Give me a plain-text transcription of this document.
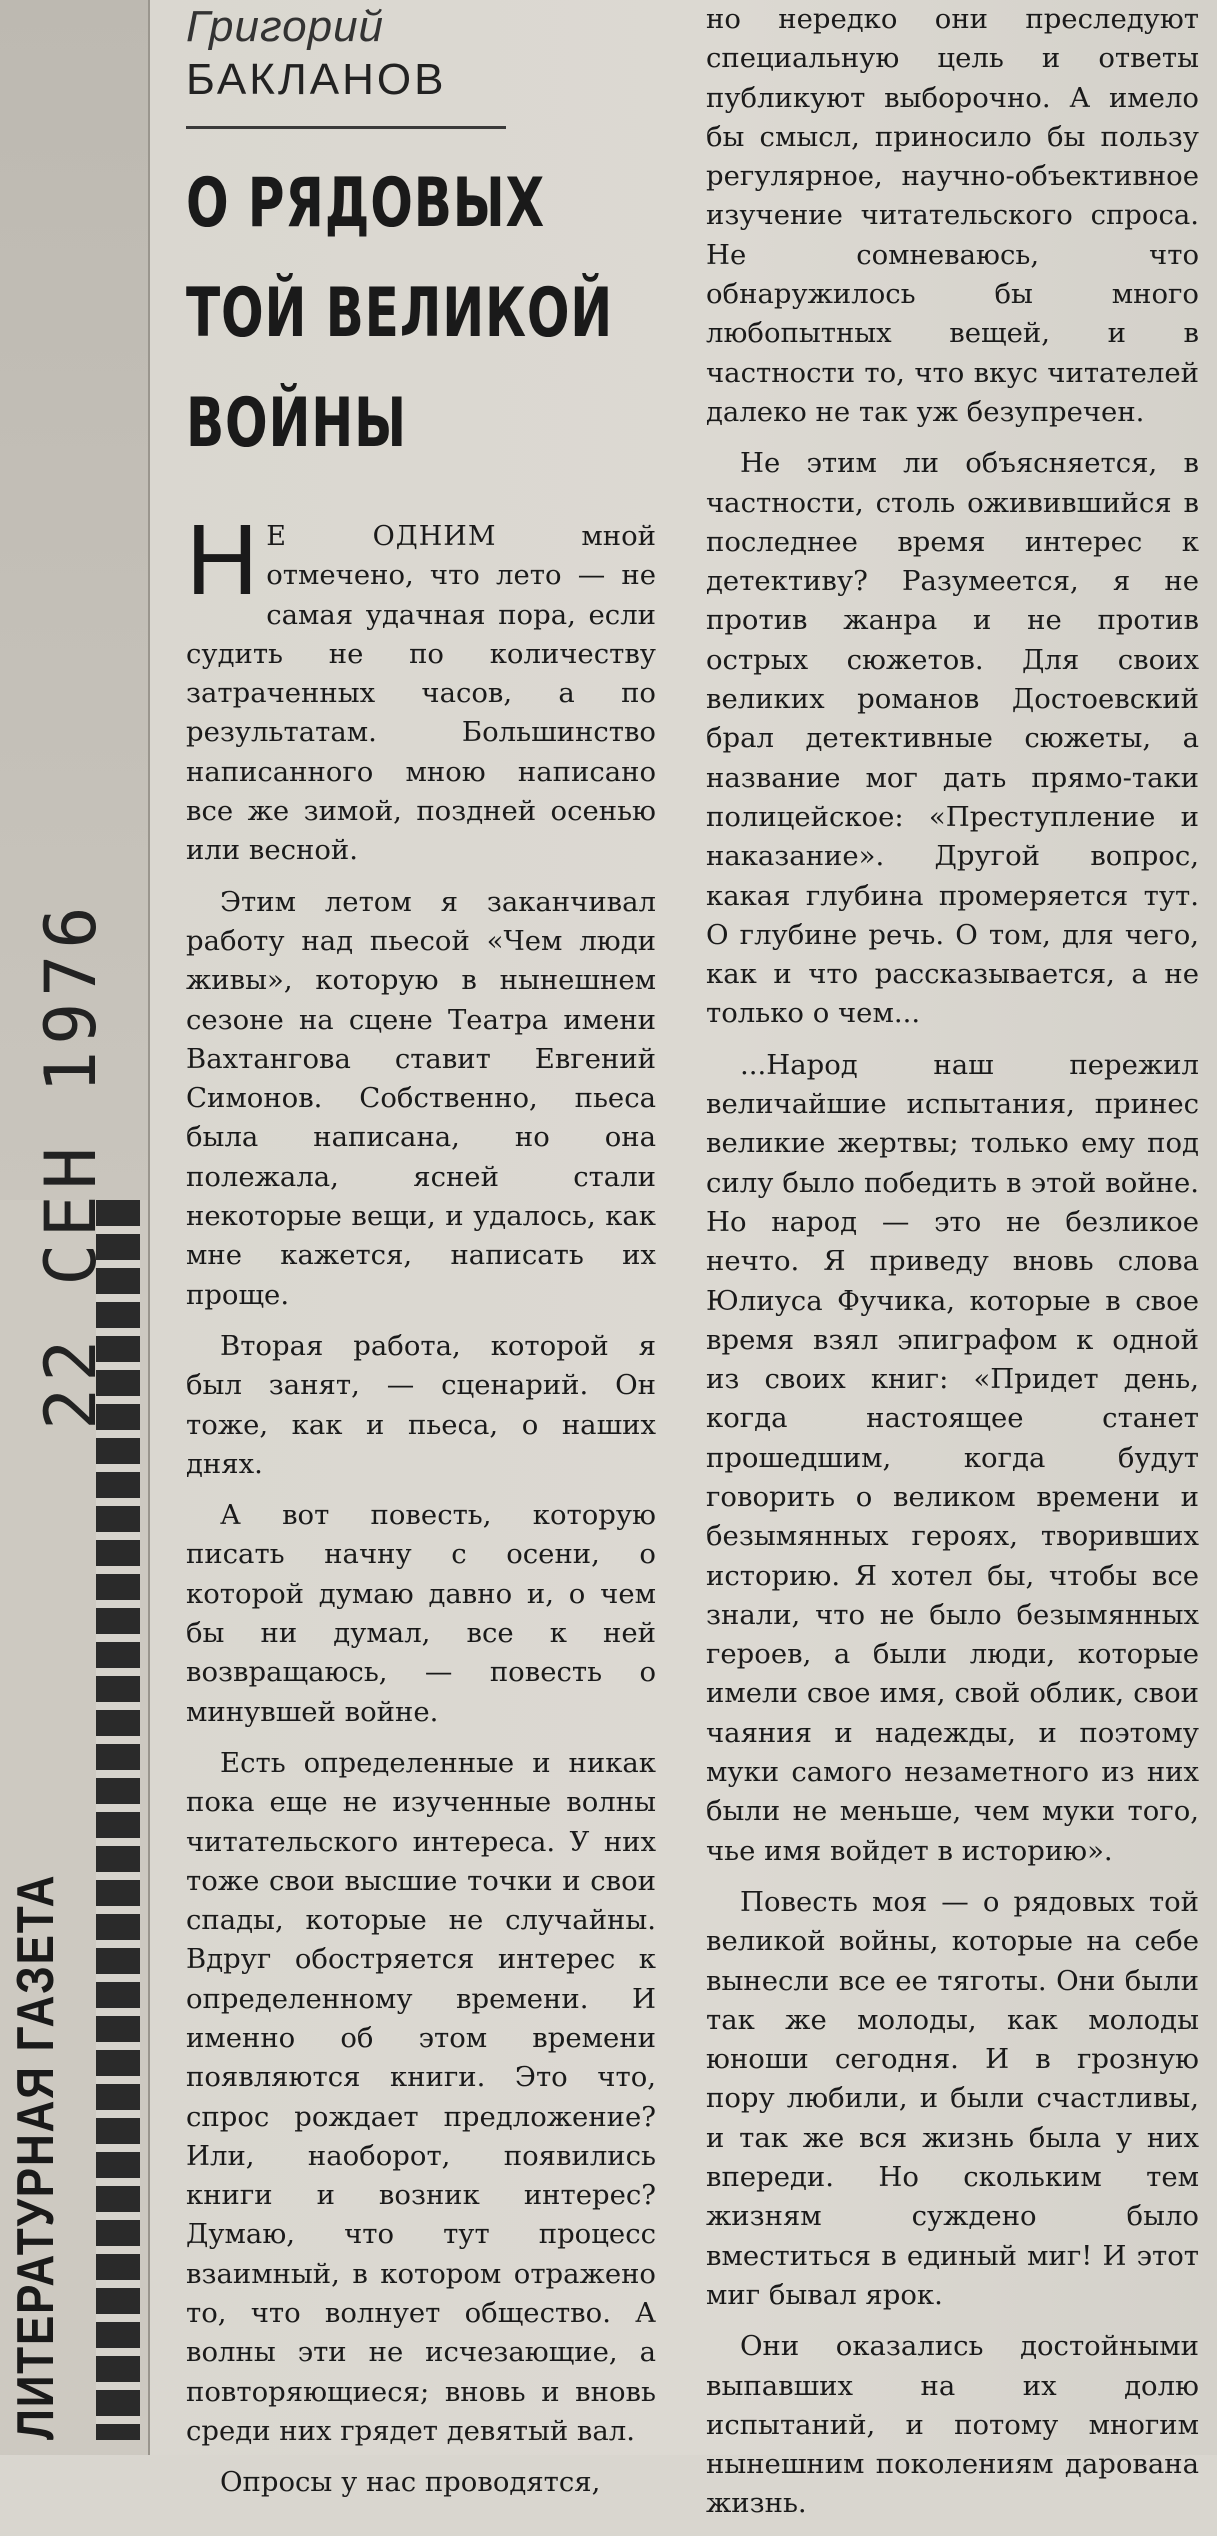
ЛИТЕРАТУРНАЯ ГАЗЕТА
22 СЕН 1976
Григорий
БАКЛАНОВ
О РЯДОВЫХ
ТОЙ ВЕЛИКОЙ
ВОЙНЫ

Н Е ОДНИМ	мной отмечено, что лето — не самая удачная пора, если судить не по количеству затраченных часов, а по результатам. Большинство написанного мною написано все же зимой, поздней осенью или весной.

Этим летом я заканчивал работу над пьесой «Чем люди живы», которую в нынешнем сезоне на сцене Театра имени Вахтангова ставит Евгений Симонов. Собственно, пьеса была написана, но она полежала, ясней стали некоторые вещи, и удалось, как мне кажется, написать их проще.

Вторая работа, которой я был занят, — сценарий. Он тоже, как и пьеса, о наших днях.

А вот повесть, которую писать начну с осени, о которой думаю давно и, о чем бы ни думал, все к ней возвращаюсь, — повесть о минувшей войне.

Есть определенные и никак пока еще не изученные волны читательского интереса. У них тоже свои высшие точки и свои спады, которые не случайны. Вдруг обостряется интерес к определенному времени. И именно об этом времени появляются книги. Это что, спрос рождает предложение? Или, наоборот, появились книги и возник интерес? Думаю, что тут процесс взаимный, в котором отражено то, что волнует общество. А волны эти не исчезающие, а повторяющиеся; вновь и вновь среди них грядет девятый вал.

Опросы у нас проводятся,

но нередко они преследуют специальную цель и ответы публикуют выборочно. А имело бы смысл, приносило бы пользу регулярное, научно-объективное изучение читательского спроса. Не сомневаюсь, что обнаружилось бы много любопытных вещей, и в частности то, что вкус читателей далеко не так уж безупречен.

Не этим ли объясняется, в частности, столь оживившийся в последнее время интерес к детективу? Разумеется, я не против жанра и не против острых сюжетов. Для своих великих романов Достоевский брал детективные сюжеты, а название мог дать прямо-таки полицейское: «Преступление и наказание». Другой вопрос, какая глубина промеряется тут. О глубине речь. О том, для чего, как и что рассказывается, а не только о чем...

...Народ наш пережил величайшие испытания, принес великие жертвы; только ему под силу было победить в этой войне. Но народ — это не безликое нечто. Я приведу вновь слова Юлиуса Фучика, которые в свое время взял эпиграфом к одной из своих книг: «Придет день, когда настоящее станет прошедшим, когда будут говорить о великом времени и безымянных героях, творивших историю. Я хотел бы, чтобы все знали, что не было безымянных героев, а были люди, которые имели свое имя, свой облик, свои чаяния и надежды, и поэтому муки самого незаметного из них были не меньше, чем муки того, чье имя войдет в историю».

Повесть моя — о рядовых той великой войны, которые на себе вынесли все ее тяготы. Они были так же молоды, как молоды юноши сегодня. И в грозную пору любили, и были счастливы, и так же вся жизнь была у них впереди. Но скольким тем жизням суждено было вместиться в единый миг! И этот миг бывал ярок.

Они оказались достойными выпавших на их долю испытаний, и потому многим нынешним поколениям дарована жизнь.
